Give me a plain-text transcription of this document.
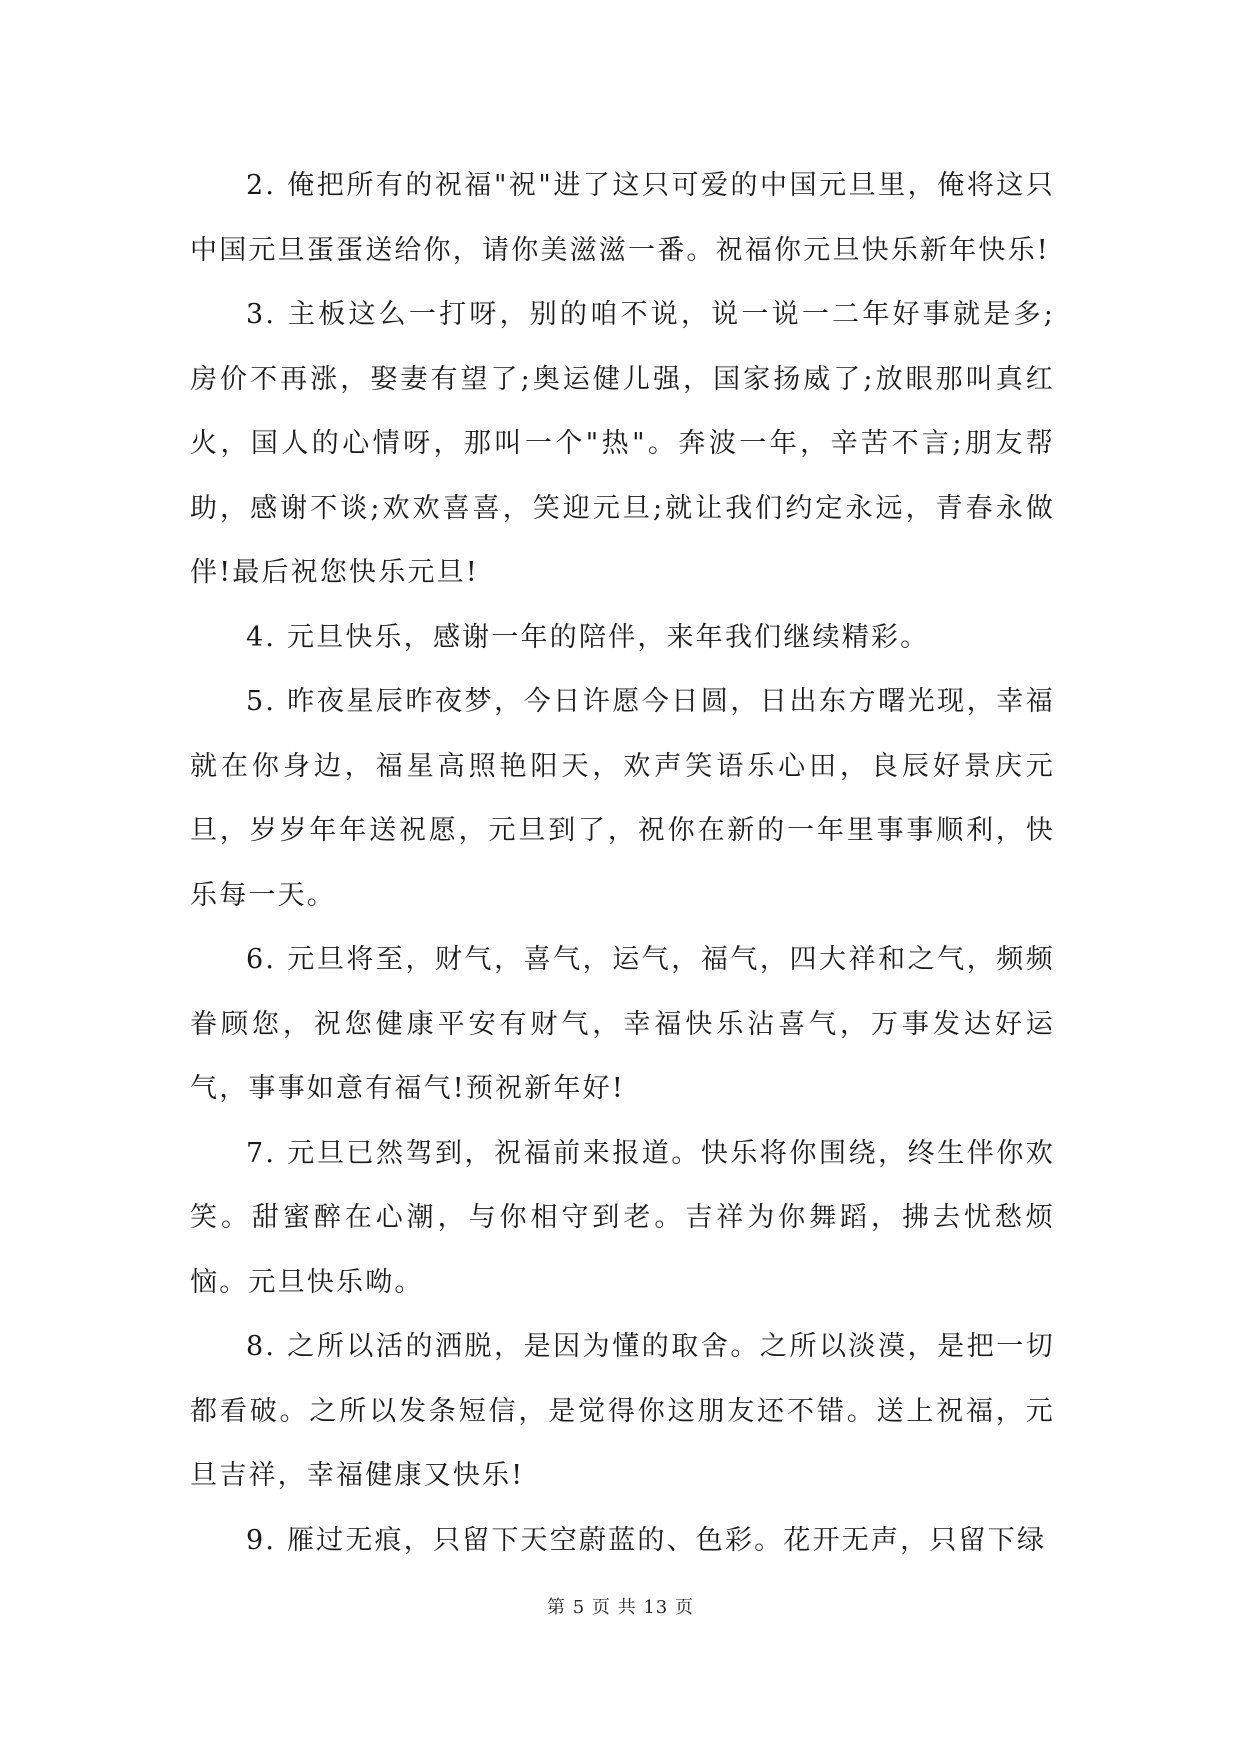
2. 俺把所有的祝福"祝"进了这只可爱的中国元旦里，俺将这只中国元旦蛋蛋送给你，请你美滋滋一番。祝福你元旦快乐新年快乐!

3. 主板这么一打呀，别的咱不说，说一说一二年好事就是多;房价不再涨，娶妻有望了;奥运健儿强，国家扬威了;放眼那叫真红火，国人的心情呀，那叫一个"热"。奔波一年，辛苦不言;朋友帮助，感谢不谈;欢欢喜喜，笑迎元旦;就让我们约定永远，青春永做伴!最后祝您快乐元旦!

4. 元旦快乐，感谢一年的陪伴，来年我们继续精彩。

5. 昨夜星辰昨夜梦，今日许愿今日圆，日出东方曙光现，幸福就在你身边，福星高照艳阳天，欢声笑语乐心田，良辰好景庆元旦，岁岁年年送祝愿，元旦到了，祝你在新的一年里事事顺利，快乐每一天。

6. 元旦将至，财气，喜气，运气，福气，四大祥和之气，频频眷顾您，祝您健康平安有财气，幸福快乐沾喜气，万事发达好运气，事事如意有福气!预祝新年好!

7. 元旦已然驾到，祝福前来报道。快乐将你围绕，终生伴你欢笑。甜蜜醉在心潮，与你相守到老。吉祥为你舞蹈，拂去忧愁烦恼。元旦快乐呦。

8. 之所以活的洒脱，是因为懂的取舍。之所以淡漠，是把一切都看破。之所以发条短信，是觉得你这朋友还不错。送上祝福，元旦吉祥，幸福健康又快乐!

9. 雁过无痕，只留下天空蔚蓝的、色彩。花开无声，只留下绿

第 5 页 共 13 页
